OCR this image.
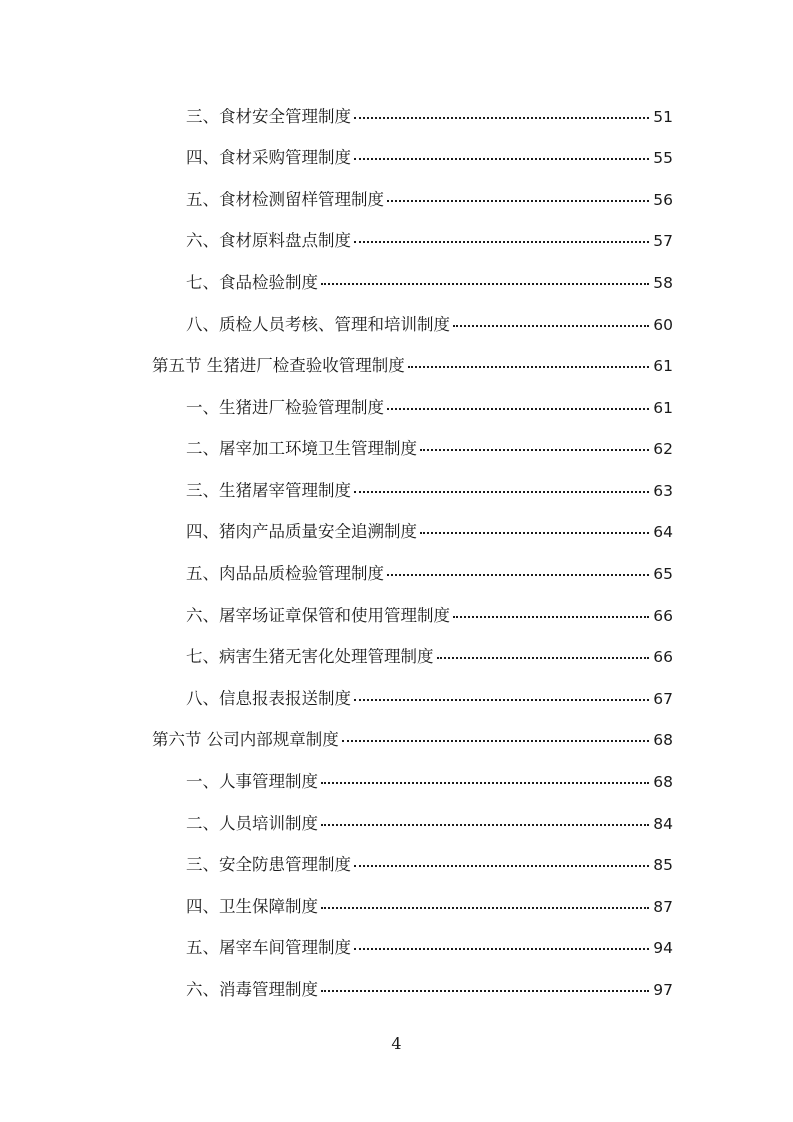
三、食材安全管理制度	51
四、食材采购管理制度	55
五、食材检测留样管理制度	56
六、食材原料盘点制度	57
七、食品检验制度	58
八、质检人员考核、管理和培训制度	60
第五节 生猪进厂检查验收管理制度	61
一、生猪进厂检验管理制度	61
二、屠宰加工环境卫生管理制度	62
三、生猪屠宰管理制度	63
四、猪肉产品质量安全追溯制度	64
五、肉品品质检验管理制度	65
六、屠宰场证章保管和使用管理制度	66
七、病害生猪无害化处理管理制度	66
八、信息报表报送制度	67
第六节 公司内部规章制度	68
一、人事管理制度	68
二、人员培训制度	84
三、安全防患管理制度	85
四、卫生保障制度	87
五、屠宰车间管理制度	94
六、消毒管理制度	97
4
